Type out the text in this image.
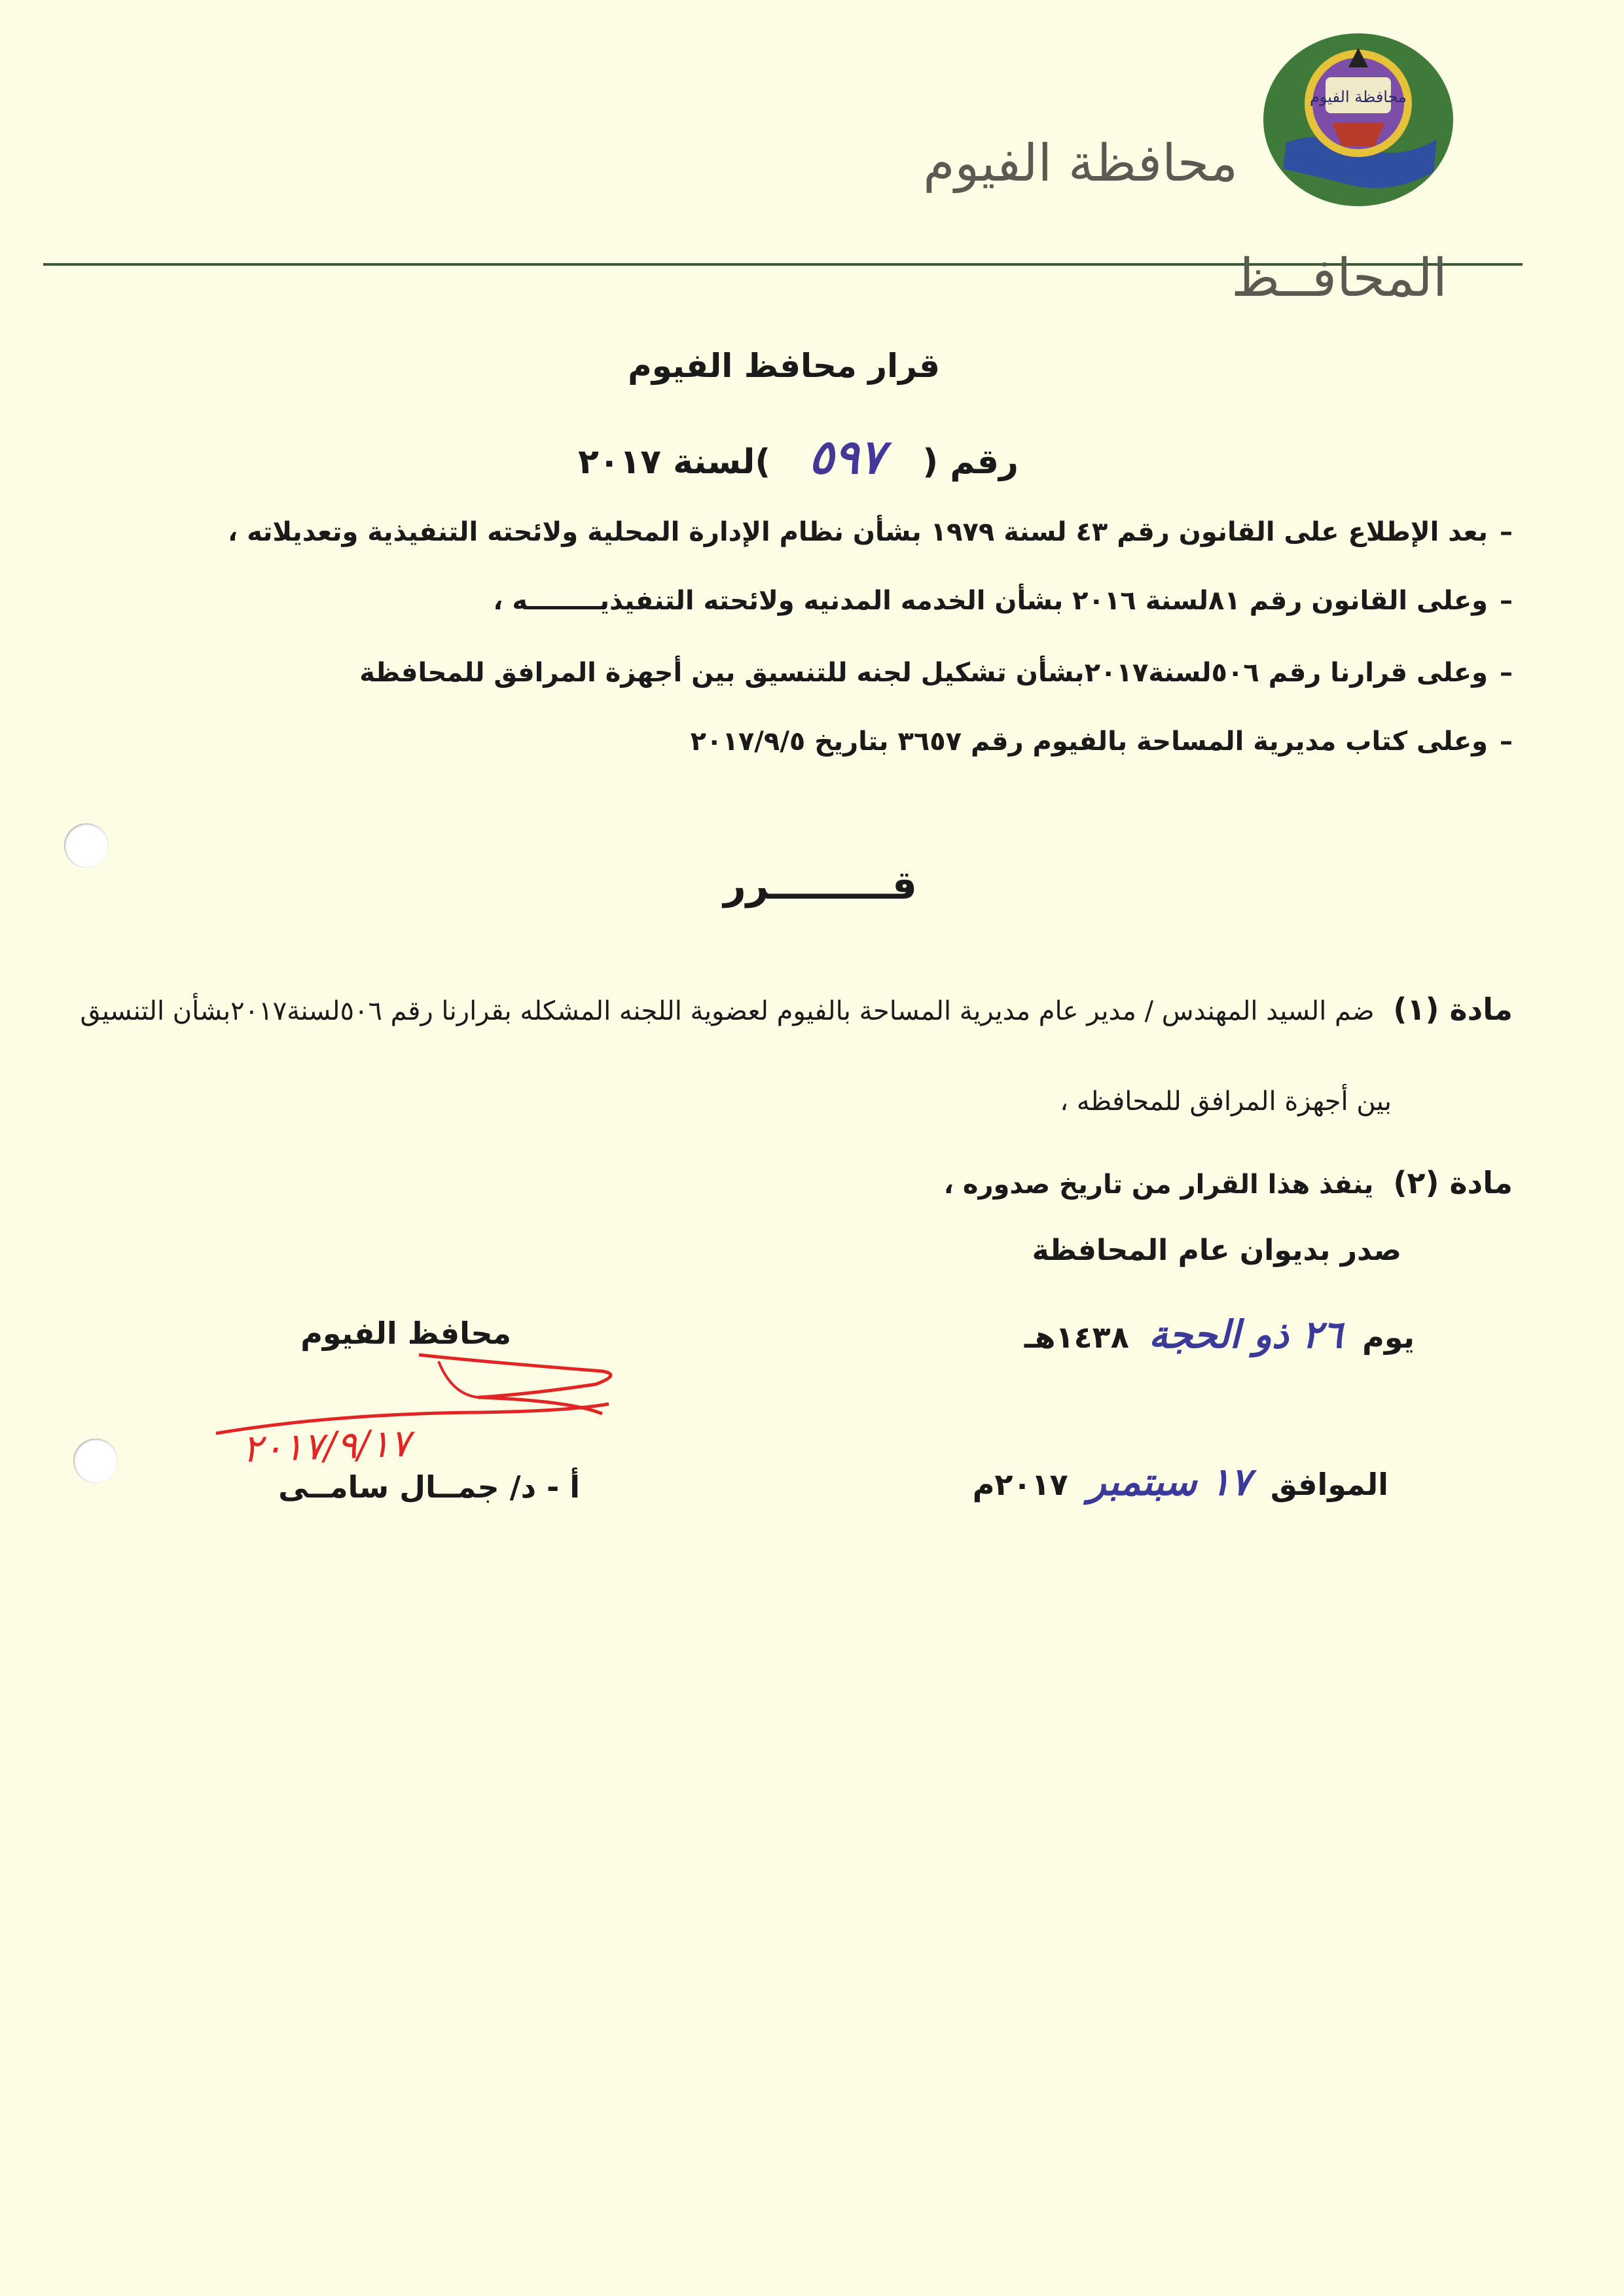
محافظة الفيوم
محافظة الفيوم
المحافــظ
قرار محافظ الفيوم
رقم ( ٥٩٧ )لسنة ٢٠١٧
–بعد الإطلاع على القانون رقم ٤٣ لسنة ١٩٧٩ بشأن نظام الإدارة المحلية ولائحته التنفيذية وتعديلاته ،
–وعلى القانون رقم ٨١لسنة ٢٠١٦ بشأن الخدمه المدنيه ولائحته التنفيذيــــــــه ،
–وعلى قرارنا رقم ٥٠٦لسنة٢٠١٧بشأن تشكيل لجنه للتنسيق بين أجهزة المرافق للمحافظة
–وعلى كتاب مديرية المساحة بالفيوم رقم ٣٦٥٧ بتاريخ ٢٠١٧/٩/٥
قـــــــــرر
مادة (١) ضم السيد المهندس / مدير عام مديرية المساحة بالفيوم لعضوية اللجنه المشكله بقرارنا رقم ٥٠٦لسنة٢٠١٧بشأن التنسيق
بين أجهزة المرافق للمحافظه ،
مادة (٢) ينفذ هذا القرار من تاريخ صدوره ،
صدر بديوان عام المحافظة
يوم ٢٦ ذو الحجة ١٤٣٨هـ
الموافق ١٧ سبتمبر ٢٠١٧م
محافظ الفيوم
٢٠١٧/٩/١٧
أ - د/ جمــال سامــى
